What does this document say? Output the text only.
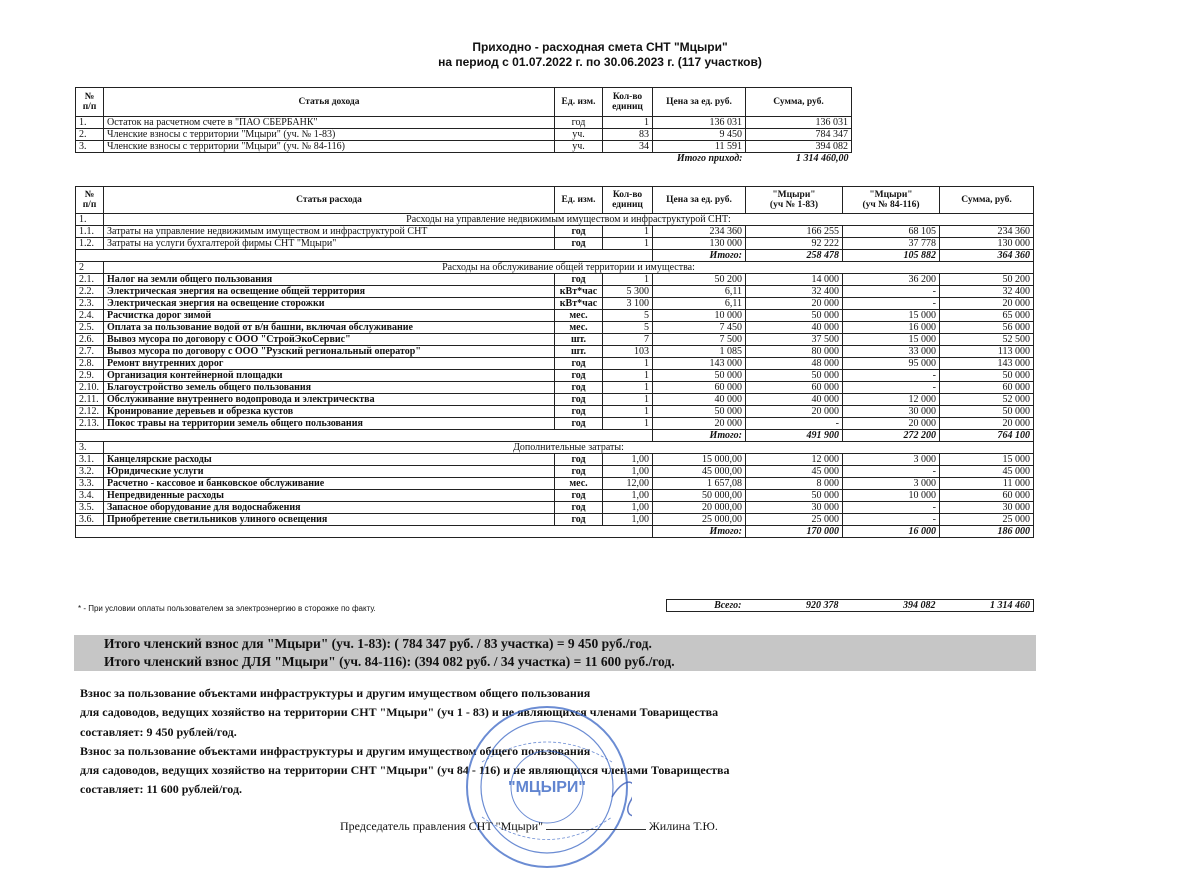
Приходно - расходная смета СНТ "Мцыри"
на период с 01.07.2022 г. по 30.06.2023 г. (117 участков)
№
п/п	Статья дохода	Ед. изм.	Кол-во
единиц	Цена за ед. руб.	Сумма, руб.
1.	Остаток на расчетном счете в "ПАО СБЕРБАНК"	год	1	136 031	136 031
2.	Членские взносы с территории "Мцыри" (уч. № 1-83)	уч.	83	9 450	784 347
3.	Членские взносы с территории "Мцыри" (уч. № 84-116)	уч.	34	11 591	394 082
			Итого приход:		1 314 460,00
№
п/п	Статья расхода	Ед. изм.	Кол-во
единиц	Цена за ед. руб.	"Мцыри"
(уч № 1-83)	"Мцыри"
(уч № 84-116)	Сумма, руб.
1.	Расходы на управление недвижимым имуществом и инфраструктурой СНТ:						
1.1.	Затраты на управление недвижимым имуществом и инфраструктурой СНТ	год	1	234 360	166 255	68 105	234 360
1.2.	Затраты на услуги бухгалтерой фирмы СНТ "Мцыри"	год	1	130 000	92 222	37 778	130 000
				Итого:	258 478	105 882	364 360
2	Расходы на обслуживание общей территории и имущества:						
2.1.	Налог на земли общего пользования	год	1	50 200	14 000	36 200	50 200
2.2.	Электрическая энергия на освещение общей территория	кВт*час	5 300	6,11	32 400	-	32 400
2.3.	Электрическая энергия на освещение сторожки	кВт*час	3 100	6,11	20 000	-	20 000
2.4.	Расчистка дорог зимой	мес.	5	10 000	50 000	15 000	65 000
2.5.	Оплата за пользование водой от в/н башни, включая обслуживание	мес.	5	7 450	40 000	16 000	56 000
2.6.	Вывоз мусора по договору с ООО "СтройЭкоСервис"	шт.	7	7 500	37 500	15 000	52 500
2.7.	Вывоз мусора по договору с ООО "Рузский региональный оператор"	шт.	103	1 085	80 000	33 000	113 000
2.8.	Ремонт внутренних дорог	год	1	143 000	48 000	95 000	143 000
2.9.	Организация контейнерной площадки	год	1	50 000	50 000	-	50 000
2.10.	Благоустройство земель общего пользования	год	1	60 000	60 000	-	60 000
2.11.	Обслуживание внутреннего водопровода и электрическтва	год	1	40 000	40 000	12 000	52 000
2.12.	Кронирование деревьев и обрезка кустов	год	1	50 000	20 000	30 000	50 000
2.13.	Покос травы на территории земель общего пользования	год	1	20 000	-	20 000	20 000
				Итого:	491 900	272 200	764 100
3.	Дополнительные затраты:						
3.1.	Канцелярские расходы	год	1,00	15 000,00	12 000	3 000	15 000
3.2.	Юридические услуги	год	1,00	45 000,00	45 000	-	45 000
3.3.	Расчетно - кассовое и банковское обслуживание	мес.	12,00	1 657,08	8 000	3 000	11 000
3.4.	Непредвиденные расходы	год	1,00	50 000,00	50 000	10 000	60 000
3.5.	Запасное оборудование для водоснабжения	год	1,00	20 000,00	30 000	-	30 000
3.6.	Приобретение светильников улиного освещения	год	1,00	25 000,00	25 000	-	25 000
				Итого:	170 000	16 000	186 000
* - При условии оплаты пользователем за электроэнергию в сторожке по факту.	Всего:	920 378	394 082	1 314 460
Итого членский взнос для "Мцыри" (уч. 1-83): ( 784 347 руб. / 83 участка) = 9 450 руб./год.
Итого членский взнос ДЛЯ "Мцыри" (уч. 84-116): (394 082 руб. / 34 участка) = 11 600 руб./год.
Взнос за пользование объектами инфраструктуры и другим имуществом общего пользования
для садоводов, ведущих хозяйство на территории СНТ "Мцыри" (уч 1 - 83) и не являющихся членами Товарищества
составляет: 9 450 рублей/год.
Взнос за пользование объектами инфраструктуры и другим имуществом общего пользования
для садоводов, ведущих хозяйство на территории СНТ "Мцыри" (уч 84 - 116) и не являющихся членами Товарищества
составляет: 11 600 рублей/год.	"МЦЫРИ"
Председатель правления СНТ "Мцыри"	Жилина Т.Ю.
